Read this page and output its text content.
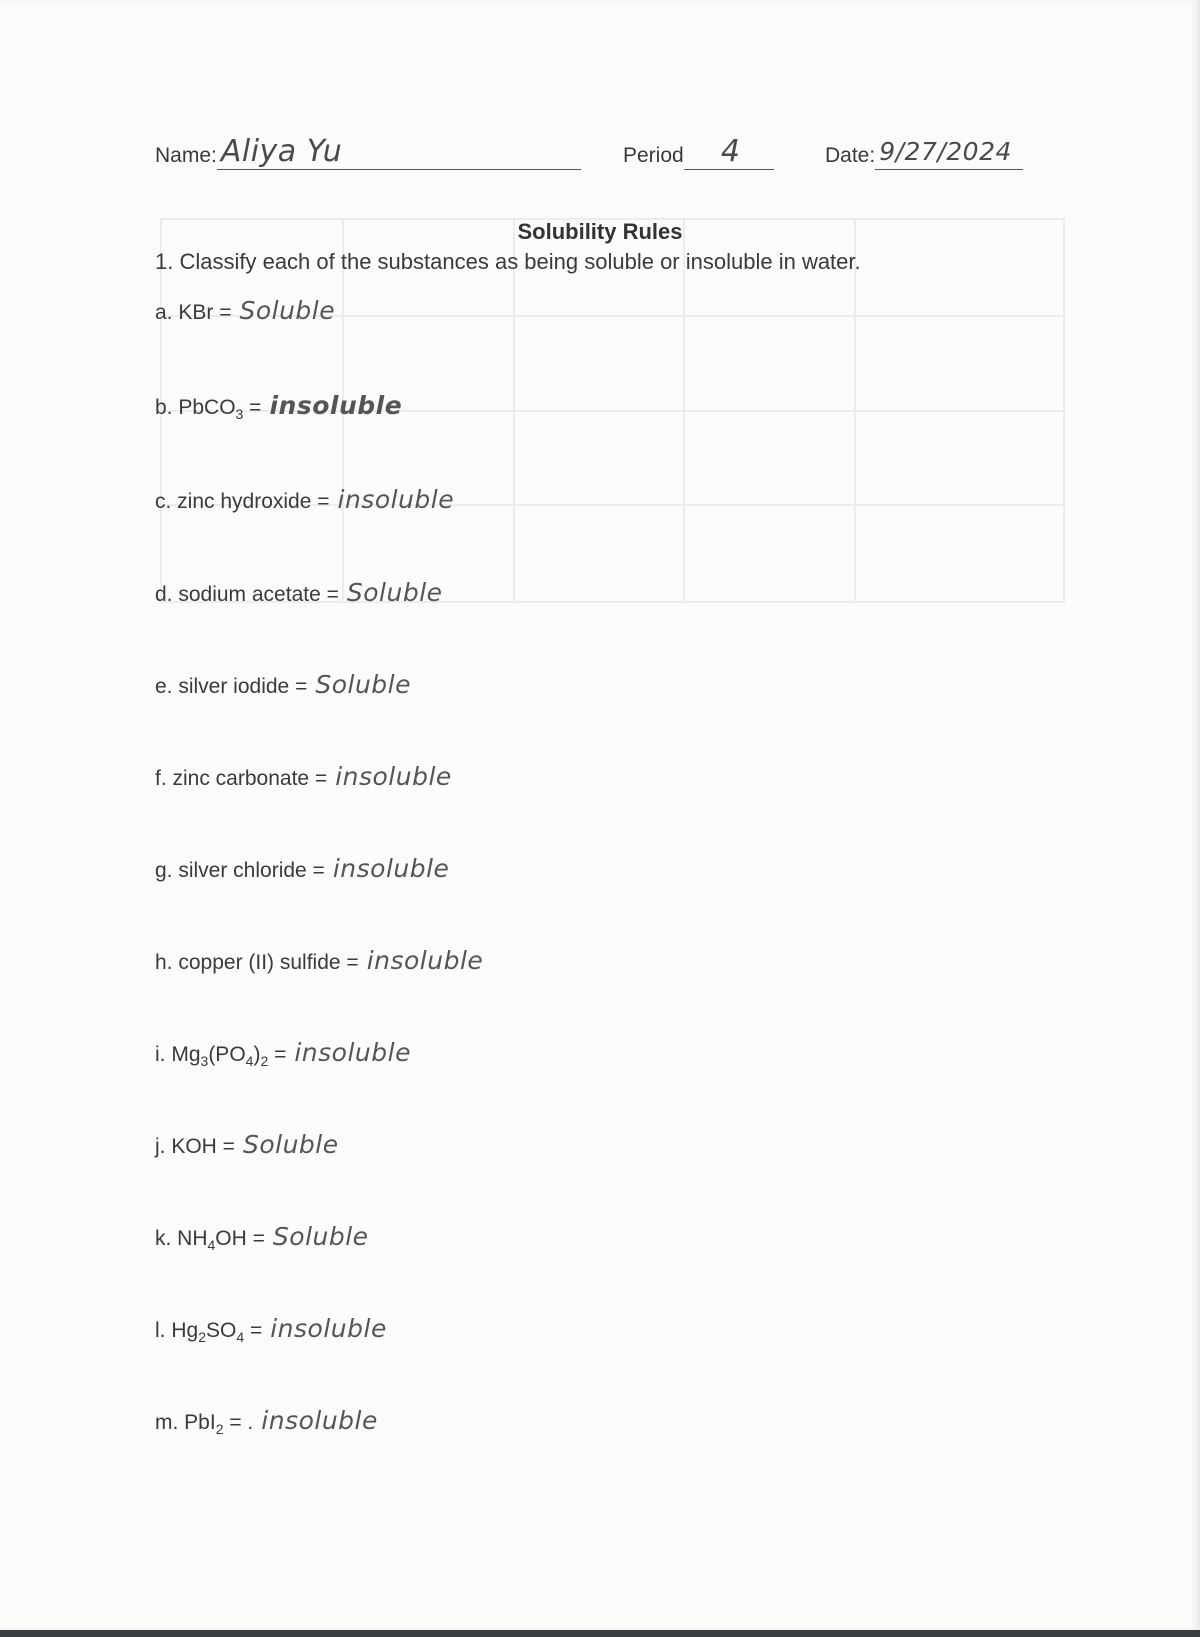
Name: Aliya Yu	Period 4	Date: 9/27/2024
Solubility Rules
1. Classify each of the substances as being soluble or insoluble in water.
a. KBr = Soluble
b. PbCO$_3$ = insoluble
c. zinc hydroxide = insoluble
d. sodium acetate = Soluble
e. silver iodide = Soluble
f. zinc carbonate = insoluble
g. silver chloride = insoluble
h. copper (II) sulfide = insoluble
i. $Mg_3(PO_4)_2$ = insoluble
j. KOH = Soluble
k. $NH_4OH$ = Soluble
l. $Hg_2SO_4$ = insoluble
m. PbI$_2$ = . insoluble
